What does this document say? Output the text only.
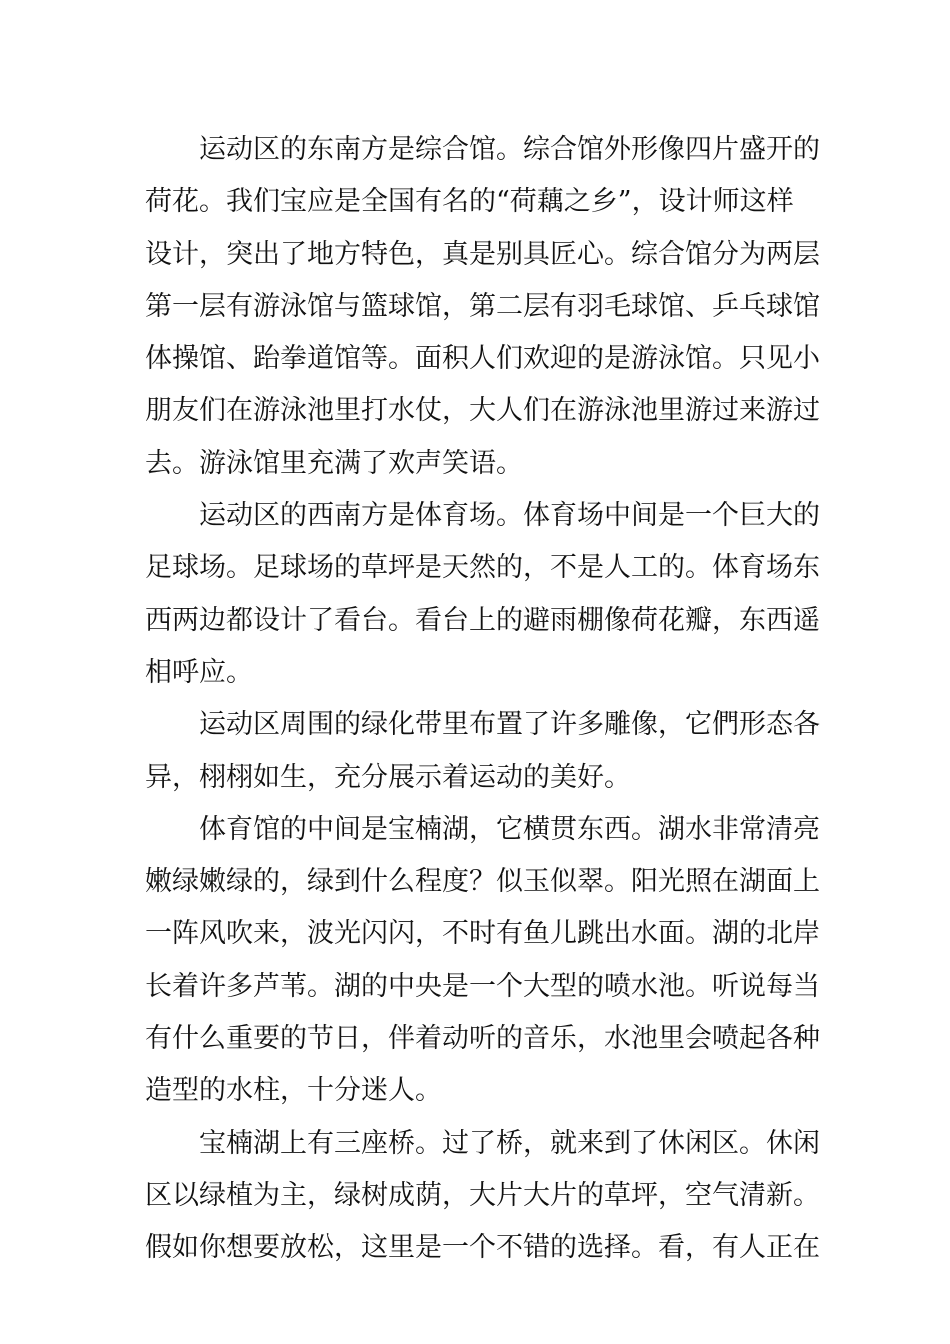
运动区的东南方是综合馆。综合馆外形像四片盛开的
荷花。我们宝应是全国有名的“荷藕之乡”，设计师这样
设计，突出了地方特色，真是别具匠心。综合馆分为两层
第一层有游泳馆与篮球馆，第二层有羽毛球馆、乒乓球馆
体操馆、跆拳道馆等。面积人们欢迎的是游泳馆。只见小
朋友们在游泳池里打水仗，大人们在游泳池里游过来游过
去。游泳馆里充满了欢声笑语。
运动区的西南方是体育场。体育场中间是一个巨大的
足球场。足球场的草坪是天然的，不是人工的。体育场东
西两边都设计了看台。看台上的避雨棚像荷花瓣，东西遥
相呼应。
运动区周围的绿化带里布置了许多雕像，它們形态各
异，栩栩如生，充分展示着运动的美好。
体育馆的中间是宝楠湖，它横贯东西。湖水非常清亮
嫩绿嫩绿的，绿到什么程度？似玉似翠。阳光照在湖面上
一阵风吹来，波光闪闪，不时有鱼儿跳出水面。湖的北岸
长着许多芦苇。湖的中央是一个大型的喷水池。听说每当
有什么重要的节日，伴着动听的音乐，水池里会喷起各种
造型的水柱，十分迷人。
宝楠湖上有三座桥。过了桥，就来到了休闲区。休闲
区以绿植为主，绿树成荫，大片大片的草坪，空气清新。
假如你想要放松，这里是一个不错的选择。看，有人正在
